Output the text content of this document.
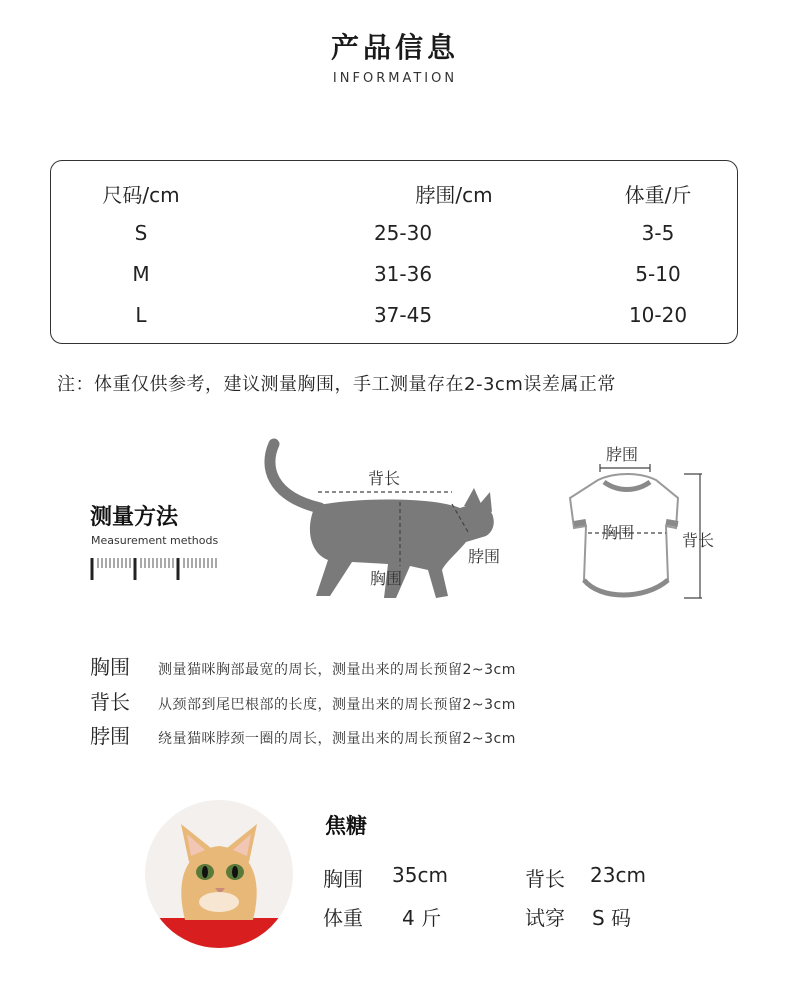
产品信息
INFORMATION
尺码/cm	脖围/cm	体重/斤
S	25-30	3-5
M	31-36	5-10
L	37-45	10-20
注：体重仅供参考，建议测量胸围，手工测量存在2-3cm误差属正常
测量方法
Measurement methods
背长
脖围
胸围
脖围
胸围	背长
胸围 测量猫咪胸部最宽的周长，测量出来的周长预留2~3cm
背长 从颈部到尾巴根部的长度，测量出来的周长预留2~3cm
脖围 绕量猫咪脖颈一圈的周长，测量出来的周长预留2~3cm
焦糖
胸围 35cm	背长 23cm
体重 4 斤	试穿 S 码
